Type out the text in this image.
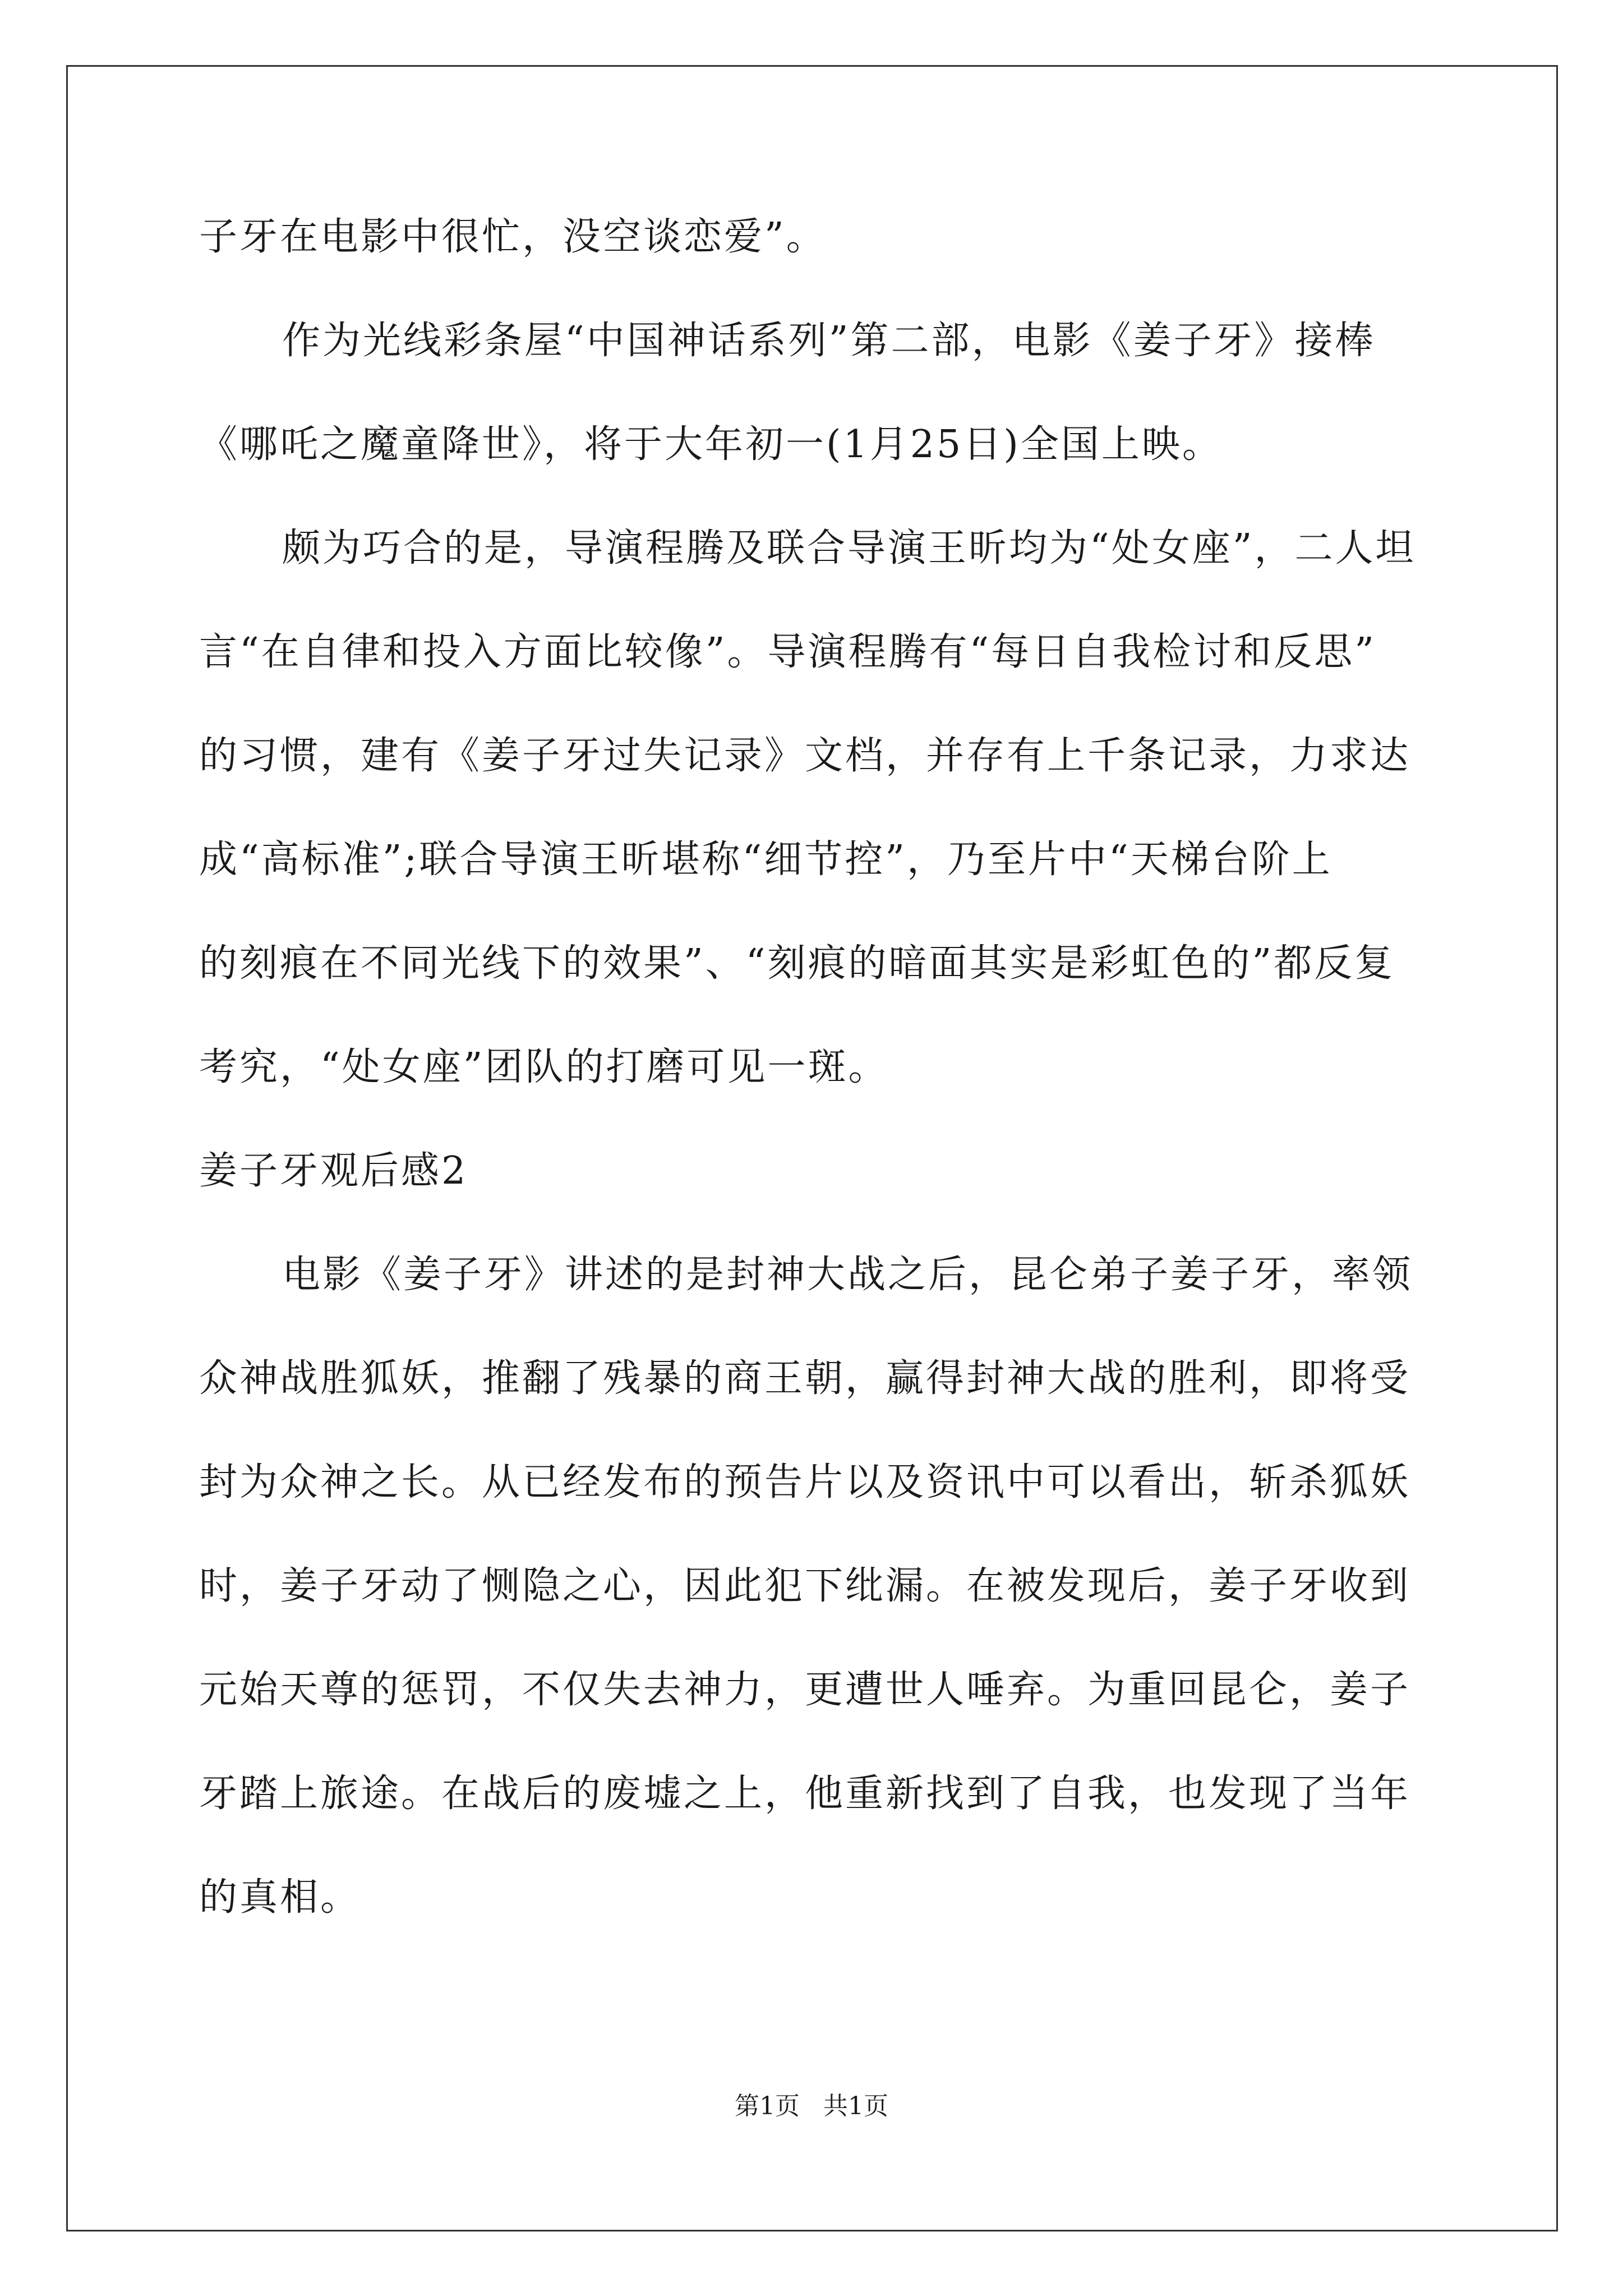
子牙在电影中很忙，没空谈恋爱”。
作为光线彩条屋“中国神话系列”第二部，电影《姜子牙》接棒
《哪吒之魔童降世》，将于大年初一(1月25日)全国上映。
颇为巧合的是，导演程腾及联合导演王昕均为“处女座”，二人坦
言“在自律和投入方面比较像”。导演程腾有“每日自我检讨和反思”
的习惯，建有《姜子牙过失记录》文档，并存有上千条记录，力求达
成“高标准”;联合导演王昕堪称“细节控”，乃至片中“天梯台阶上
的刻痕在不同光线下的效果”、“刻痕的暗面其实是彩虹色的”都反复
考究，“处女座”团队的打磨可见一斑。
姜子牙观后感2
电影《姜子牙》讲述的是封神大战之后，昆仑弟子姜子牙，率领
众神战胜狐妖，推翻了残暴的商王朝，赢得封神大战的胜利，即将受
封为众神之长。从已经发布的预告片以及资讯中可以看出，斩杀狐妖
时，姜子牙动了恻隐之心，因此犯下纰漏。在被发现后，姜子牙收到
元始天尊的惩罚，不仅失去神力，更遭世人唾弃。为重回昆仑，姜子
牙踏上旅途。在战后的废墟之上，他重新找到了自我，也发现了当年
的真相。
第1页   共1页
